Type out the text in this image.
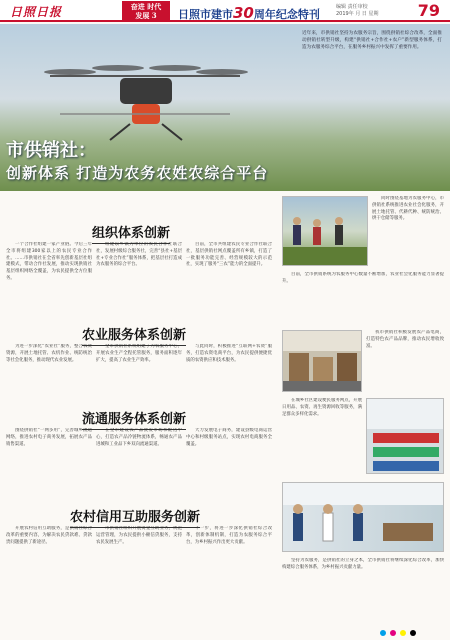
日照日报	奋进 时代
发展 3	日照市建市30周年纪念特刊
编辑 责任审校
2019年 月 日 星期 79
近年来，市供销社坚持为农服务宗旨，围绕供销社综合改革，全面推动供销社转型升级，构建“供销社+合作社+农户”新型服务体系，打造为农服务综合平台，在服务乡村振兴中发挥了重要作用。
市供销社：
创新体系 打造为农务农姓农综合平台
组织体系创新

一个合作社组建一家产业链。今后三年全市将组建300家以上的农民专业合作社。……市供销社在全省率先创新基层社组建模式，带动合作社发展，推动实现供销社基层组织网络全覆盖，为农民提供全方位服务。

组建以乡镇为单位的农民合作社联合社，发展村级综合服务社，完善“县社+基层社+专业合作社”服务体系，把基层社打造成为农服务的综合平台。

目前，全市共组建农民专业合作社联合社，基层供销社网点覆盖所有乡镇，打造了一批服务功能完善、经营规模较大的示范社，实现了服务“三农”能力的全面提升。

农业服务体系创新

为进一步深化“农业社”服务，整合农资资源，开展土地托管、农机作业、统防统治等社会化服务，推动现代农业发展。

全市供销社系统组建了为农服务中心，开展农业生产全程托管服务，服务面积逐年扩大，提高了农业生产效率。

与此同时，积极推进“互联网+农资”服务，打造农资电商平台，为农民提供便捷优质的农资供应和技术服务。

流通服务体系创新

围绕供销社“一网多用”，完善城乡流通网络，推进农村电子商务发展，拓展农产品销售渠道。

在全市建设农产品批发市场和配送中心，打造农产品冷链物流体系，畅通农产品进城和工业品下乡双向流通渠道。

大力发展电子商务，建设县级电商运营中心和村级服务站点，实现农村电商服务全覆盖。

农村信用互助服务创新

开展农村信用互助服务，是供销社综合改革的重要内容，为解决农民贷款难、贷款贵问题提供了新途径。

市供销社组织开展资金互助业务，规范运营管理，为农民提供小额信贷服务，支持农民发展生产。

下一步，将进一步深化供销社综合改革，创新体制机制，打造为农服务综合平台，为乡村振兴作出更大贡献。

同时围绕基地为农服务中心，市供销社系统推进农业社会化服务，开展土地托管、代耕代种、统防统治、烘干仓储等服务。

目前，全市供销系统为农服务中心数量不断增加，农业社会化服务能力显著提升。

我市供销社积极发展农产品电商，打造特色农产品品牌，推动农民增收致富。

在城乡社区建设便民服务网点，开展日用品、农资、再生资源回收等服务，满足群众多样化需求。

坚持为农服务，是供销社的立身之本，全市供销社将继续深化综合改革，加快构建综合服务体系，为乡村振兴贡献力量。
